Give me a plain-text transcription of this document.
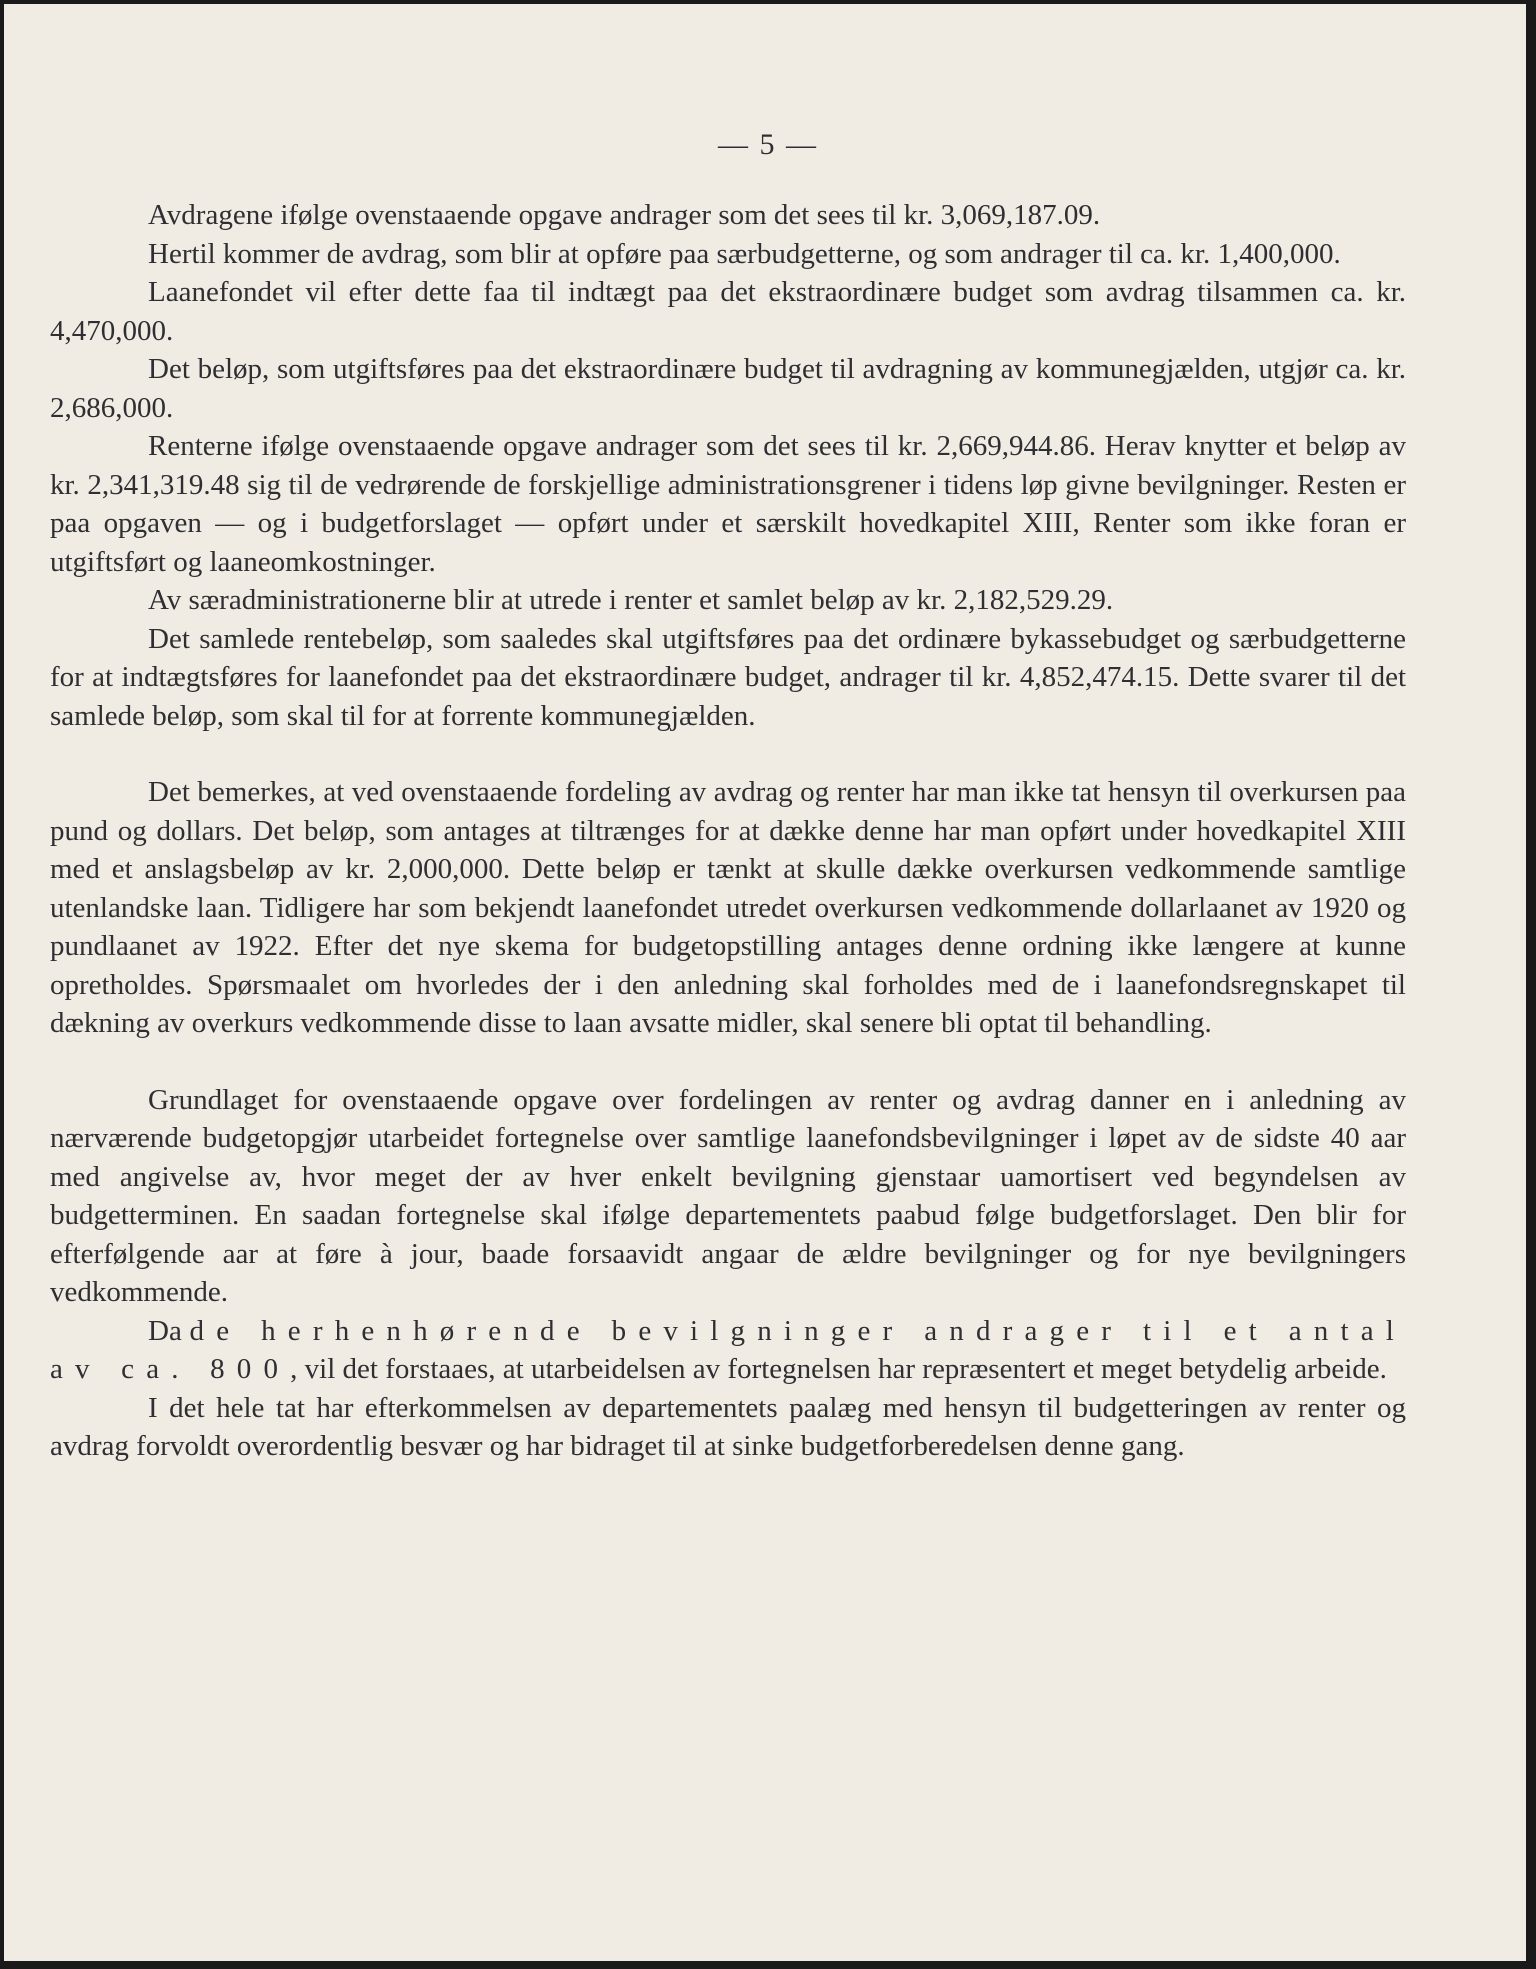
— 5 —

Avdragene ifølge ovenstaaende opgave andrager som det sees til kr. 3,069,187.09.

Hertil kommer de avdrag, som blir at opføre paa særbudgetterne, og som andrager til ca. kr. 1,400,000.

Laanefondet vil efter dette faa til indtægt paa det ekstraordinære budget som avdrag tilsammen ca. kr. 4,470,000.

Det beløp, som utgiftsføres paa det ekstraordinære budget til avdragning av kommunegjælden, utgjør ca. kr. 2,686,000.

Renterne ifølge ovenstaaende opgave andrager som det sees til kr. 2,669,944.86. Herav knytter et beløp av kr. 2,341,319.48 sig til de vedrørende de forskjellige administrationsgrener i tidens løp givne bevilgninger. Resten er paa opgaven — og i budgetforslaget — opført under et særskilt hovedkapitel XIII, Renter som ikke foran er utgiftsført og laaneomkostninger.

Av særadministrationerne blir at utrede i renter et samlet beløp av kr. 2,182,529.29.

Det samlede rentebeløp, som saaledes skal utgiftsføres paa det ordinære bykassebudget og særbudgetterne for at indtægtsføres for laanefondet paa det ekstraordinære budget, andrager til kr. 4,852,474.15. Dette svarer til det samlede beløp, som skal til for at forrente kommunegjælden.

Det bemerkes, at ved ovenstaaende fordeling av avdrag og renter har man ikke tat hensyn til overkursen paa pund og dollars. Det beløp, som antages at tiltrænges for at dække denne har man opført under hovedkapitel XIII med et anslagsbeløp av kr. 2,000,000. Dette beløp er tænkt at skulle dække overkursen vedkommende samtlige utenlandske laan. Tidligere har som bekjendt laanefondet utredet overkursen vedkommende dollarlaanet av 1920 og pundlaanet av 1922. Efter det nye skema for budgetopstilling antages denne ordning ikke længere at kunne opretholdes. Spørsmaalet om hvorledes der i den anledning skal forholdes med de i laanefondsregnskapet til dækning av overkurs vedkommende disse to laan avsatte midler, skal senere bli optat til behandling.

Grundlaget for ovenstaaende opgave over fordelingen av renter og avdrag danner en i anledning av nærværende budgetopgjør utarbeidet fortegnelse over samtlige laanefondsbevilgninger i løpet av de sidste 40 aar med angivelse av, hvor meget der av hver enkelt bevilgning gjenstaar uamortisert ved begyndelsen av budgetterminen. En saadan fortegnelse skal ifølge departementets paabud følge budgetforslaget. Den blir for efterfølgende aar at føre à jour, baade forsaavidt angaar de ældre bevilgninger og for nye bevilgningers vedkommende.

Da de herhenhørende bevilgninger andrager til et antal av ca. 800, vil det forstaaes, at utarbeidelsen av fortegnelsen har repræsentert et meget betydelig arbeide.

I det hele tat har efterkommelsen av departementets paalæg med hensyn til budgetteringen av renter og avdrag forvoldt overordentlig besvær og har bidraget til at sinke budgetforberedelsen denne gang.
